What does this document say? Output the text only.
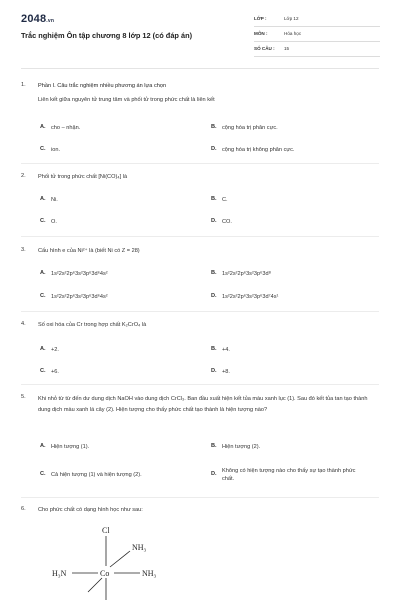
2048.vn
Trắc nghiệm Ôn tập chương 8 lớp 12 (có đáp án)
LỚP :	Lớp 12
MÔN :	Hóa học
SỐ CÂU : 15
1. Phần I. Câu trắc nghiệm nhiều phương án lựa chọn
Liên kết giữa nguyên tử trung tâm và phối tử trong phức chất là liên kết
A. cho – nhận.	B. cộng hóa trị phân cực.
C. ion.	D. cộng hóa trị không phân cực.
2. Phối tử trong phức chất [Ni(CO)₄] là
A. Ni.	B. C.
C. O.	D. CO.
3. Cấu hình e của Ni²⁺ là (biết Ni có Z = 28)
A. 1s²2s²2p⁶3s²3p⁶3d⁶4s²	B. 1s²2s²2p⁶3s²3p⁶3d⁸
C. 1s²2s²2p⁶3s²3p⁶3d⁶4s²	D. 1s²2s²2p⁶3s²3p⁶3d⁷4s¹
4. Số oxi hóa của Cr trong hợp chất K₂CrO₄ là
A. +2.	B. +4.
C. +6.	D. +8.
5. Khi nhỏ từ từ đến dư dung dịch NaOH vào dung dịch CrCl₃. Ban đầu xuất hiện kết tủa màu xanh lục (1). Sau đó kết tủa tan tạo thành dung dịch màu xanh lá cây (2). Hiện tượng cho thấy phức chất tạo thành là hiện tượng nào?
A. Hiện tượng (1).	B. Hiện tượng (2).
C. Cả hiện tượng (1) và hiện tượng (2).	D. Không có hiện tượng nào cho thấy sự tạo thành phức chất.
6. Cho phức chất có dạng hình học như sau:
Cl
NH₃
H₃N	Co	NH₃
